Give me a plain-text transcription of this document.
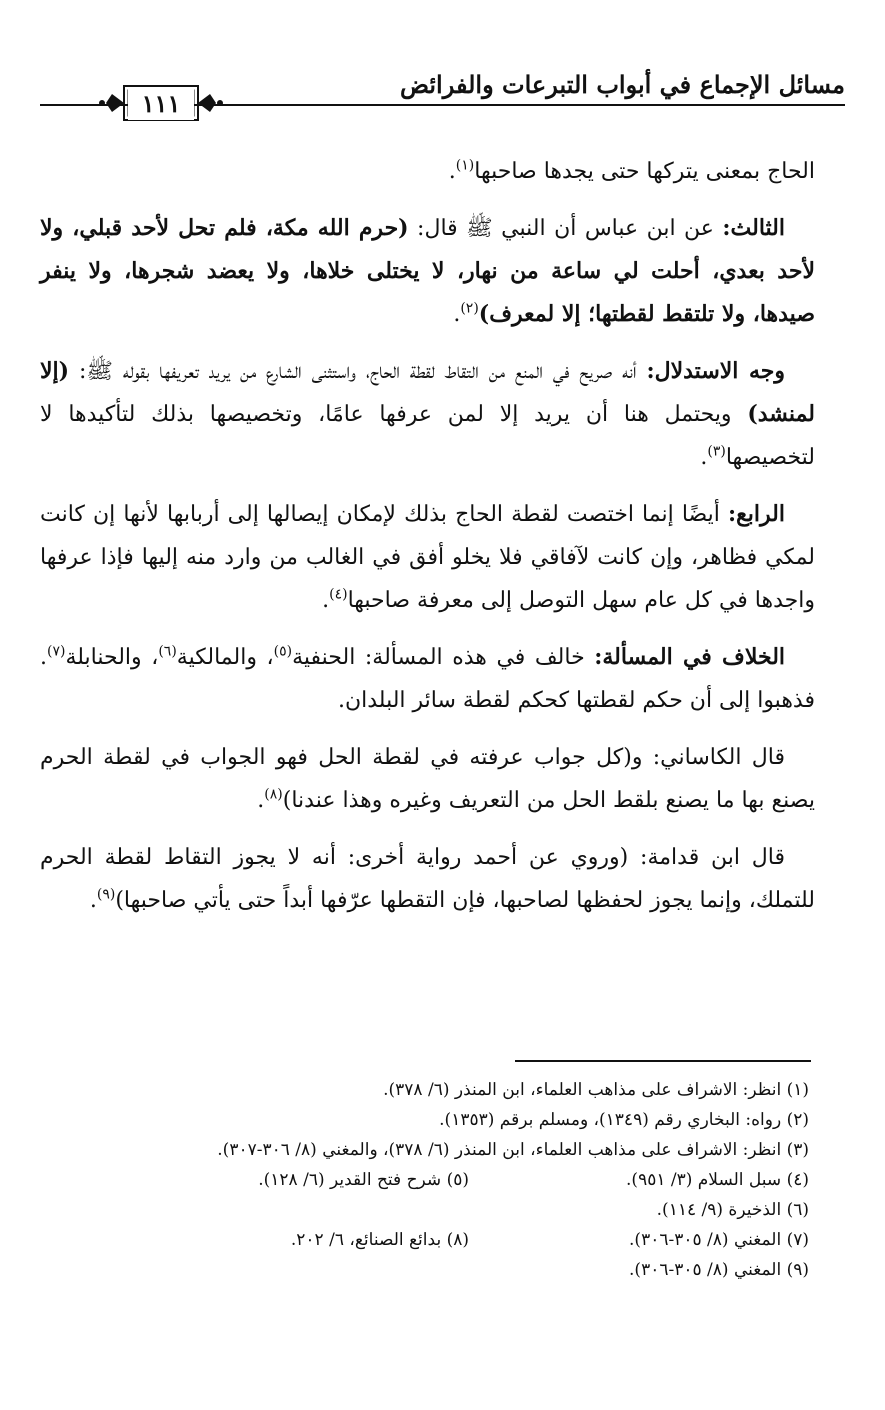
مسائل الإجماع في أبواب التبرعات والفرائض
١١١

الحاج بمعنى يتركها حتى يجدها صاحبها$^{(١)}$.

الثالث: عن ابن عباس أن النبي ﷺ قال: (حرم الله مكة، فلم تحل لأحد قبلي، ولا لأحد بعدي، أحلت لي ساعة من نهار، لا يختلى خلاها، ولا يعضد شجرها، ولا ينفر صيدها، ولا تلتقط لقطتها؛ إلا لمعرف)$^{(٢)}$.

وجه الاستدلال: أنه صريح في المنع من التقاط لقطة الحاج، واستثنى الشارع من يريد تعريفها بقوله ﷺ: (إلا لمنشد) ويحتمل هنا أن يريد إلا لمن عرفها عامًا، وتخصيصها بذلك لتأكيدها لا لتخصيصها$^{(٣)}$.

الرابع: أيضًا إنما اختصت لقطة الحاج بذلك لإمكان إيصالها إلى أربابها لأنها إن كانت لمكي فظاهر، وإن كانت لآفاقي فلا يخلو أفق في الغالب من وارد منه إليها فإذا عرفها واجدها في كل عام سهل التوصل إلى معرفة صاحبها$^{(٤)}$.

الخلاف في المسألة: خالف في هذه المسألة: الحنفية$^{(٥)}$، والمالكية$^{(٦)}$، والحنابلة$^{(٧)}$. فذهبوا إلى أن حكم لقطتها كحكم لقطة سائر البلدان.

قال الكاساني: و(كل جواب عرفته في لقطة الحل فهو الجواب في لقطة الحرم يصنع بها ما يصنع بلقط الحل من التعريف وغيره وهذا عندنا)$^{(٨)}$.

قال ابن قدامة: (وروي عن أحمد رواية أخرى: أنه لا يجوز التقاط لقطة الحرم للتملك، وإنما يجوز لحفظها لصاحبها، فإن التقطها عرّفها أبداً حتى يأتي صاحبها)$^{(٩)}$.

(١) انظر: الاشراف على مذاهب العلماء، ابن المنذر (٦/ ٣٧٨).
(٢) رواه: البخاري رقم (١٣٤٩)، ومسلم برقم (١٣٥٣).
(٣) انظر: الاشراف على مذاهب العلماء، ابن المنذر (٦/ ٣٧٨)، والمغني (٨/ ٣٠٦-٣٠٧).
(٤) سبل السلام (٣/ ٩٥١).
(٥) شرح فتح القدير (٦/ ١٢٨).
(٦) الذخيرة (٩/ ١١٤).
(٧) المغني (٨/ ٣٠٥-٣٠٦).
(٨) بدائع الصنائع، ٦/ ٢٠٢.
(٩) المغني (٨/ ٣٠٥-٣٠٦).
